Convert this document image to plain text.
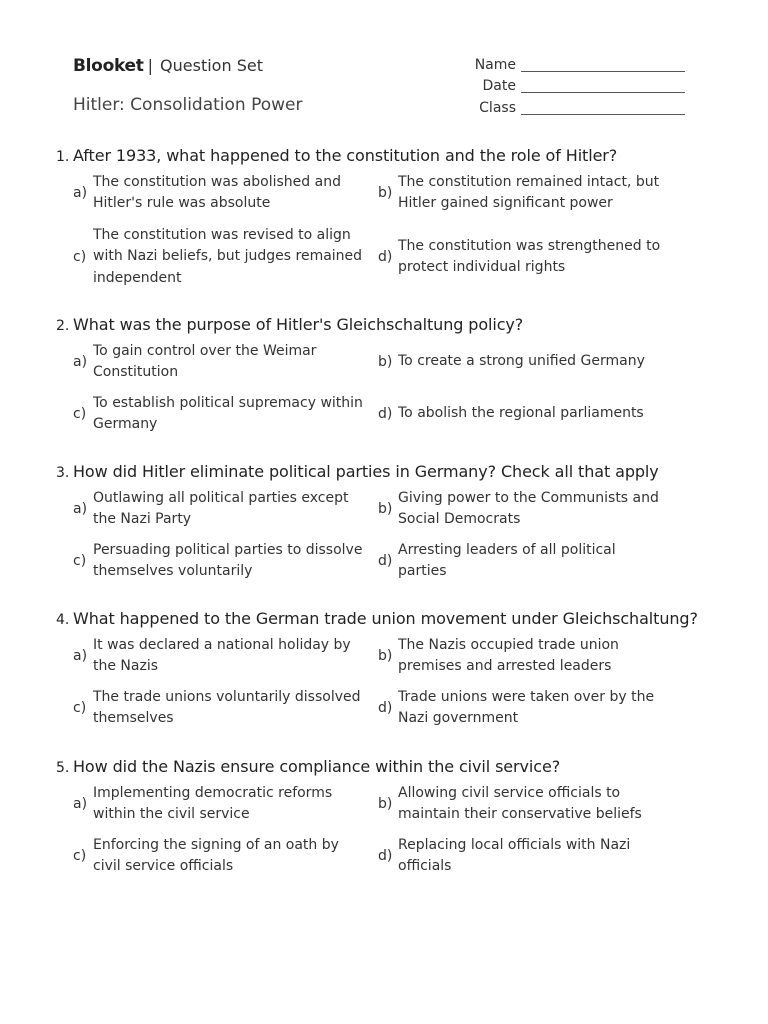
Blooket | Question Set
Hitler: Consolidation Power
Name
Date
Class
1. After 1933, what happened to the constitution and the role of Hitler?
a)
The constitution was abolished and Hitler's rule was absolute
b)
The constitution remained intact, but Hitler gained significant power
c)
The constitution was revised to align with Nazi beliefs, but judges remained independent
d)
The constitution was strengthened to protect individual rights
2. What was the purpose of Hitler's Gleichschaltung policy?
a)
To gain control over the Weimar Constitution
b) To create a strong unified Germany
c)
To establish political supremacy within Germany
d) To abolish the regional parliaments
3. How did Hitler eliminate political parties in Germany? Check all that apply
a)
Outlawing all political parties except the Nazi Party
b)
Giving power to the Communists and Social Democrats
c)
Persuading political parties to dissolve themselves voluntarily
d)
Arresting leaders of all political parties
4. What happened to the German trade union movement under Gleichschaltung?
a)
It was declared a national holiday by the Nazis
b)
The Nazis occupied trade union premises and arrested leaders
c)
The trade unions voluntarily dissolved themselves
d)
Trade unions were taken over by the Nazi government
5. How did the Nazis ensure compliance within the civil service?
a)
Implementing democratic reforms within the civil service
b)
Allowing civil service officials to maintain their conservative beliefs
c)
Enforcing the signing of an oath by civil service officials
d)
Replacing local officials with Nazi officials
